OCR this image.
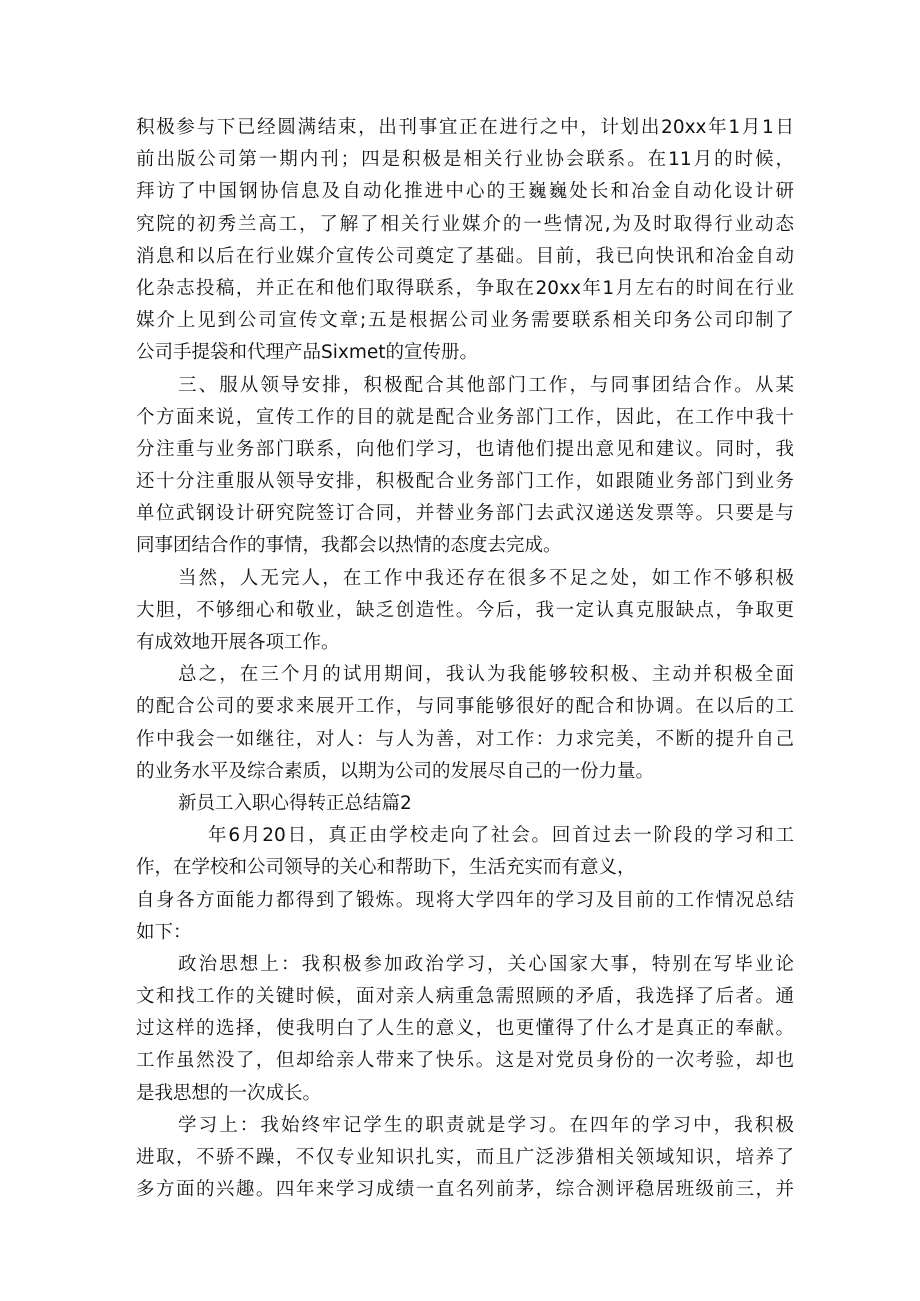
积极参与下已经圆满结束，出刊事宜正在进行之中，计划出20xx年1月1日
前出版公司第一期内刊；四是积极是相关行业协会联系。在11月的时候，
拜访了中国钢协信息及自动化推进中心的王巍巍处长和冶金自动化设计研
究院的初秀兰高工，了解了相关行业媒介的一些情况,为及时取得行业动态
消息和以后在行业媒介宣传公司奠定了基础。目前，我已向快讯和冶金自动
化杂志投稿，并正在和他们取得联系，争取在20xx年1月左右的时间在行业
媒介上见到公司宣传文章;五是根据公司业务需要联系相关印务公司印制了
公司手提袋和代理产品Sixmet的宣传册。
三、服从领导安排，积极配合其他部门工作，与同事团结合作。从某
个方面来说，宣传工作的目的就是配合业务部门工作，因此，在工作中我十
分注重与业务部门联系，向他们学习，也请他们提出意见和建议。同时，我
还十分注重服从领导安排，积极配合业务部门工作，如跟随业务部门到业务
单位武钢设计研究院签订合同，并替业务部门去武汉递送发票等。只要是与
同事团结合作的事情，我都会以热情的态度去完成。
当然，人无完人，在工作中我还存在很多不足之处，如工作不够积极
大胆，不够细心和敬业，缺乏创造性。今后，我一定认真克服缺点，争取更
有成效地开展各项工作。
总之，在三个月的试用期间，我认为我能够较积极、主动并积极全面
的配合公司的要求来展开工作，与同事能够很好的配合和协调。在以后的工
作中我会一如继往，对人：与人为善，对工作：力求完美，不断的提升自己
的业务水平及综合素质，以期为公司的发展尽自己的一份力量。
新员工入职心得转正总结篇2
年6月20日，真正由学校走向了社会。回首过去一阶段的学习和工
作，在学校和公司领导的关心和帮助下，生活充实而有意义，
自身各方面能力都得到了锻炼。现将大学四年的学习及目前的工作情况总结
如下：
政治思想上：我积极参加政治学习，关心国家大事，特别在写毕业论
文和找工作的关键时候，面对亲人病重急需照顾的矛盾，我选择了后者。通
过这样的选择，使我明白了人生的意义，也更懂得了什么才是真正的奉献。
工作虽然没了，但却给亲人带来了快乐。这是对党员身份的一次考验，却也
是我思想的一次成长。
学习上：我始终牢记学生的职责就是学习。在四年的学习中，我积极
进取，不骄不躁，不仅专业知识扎实，而且广泛涉猎相关领域知识，培养了
多方面的兴趣。四年来学习成绩一直名列前茅，综合测评稳居班级前三，并
